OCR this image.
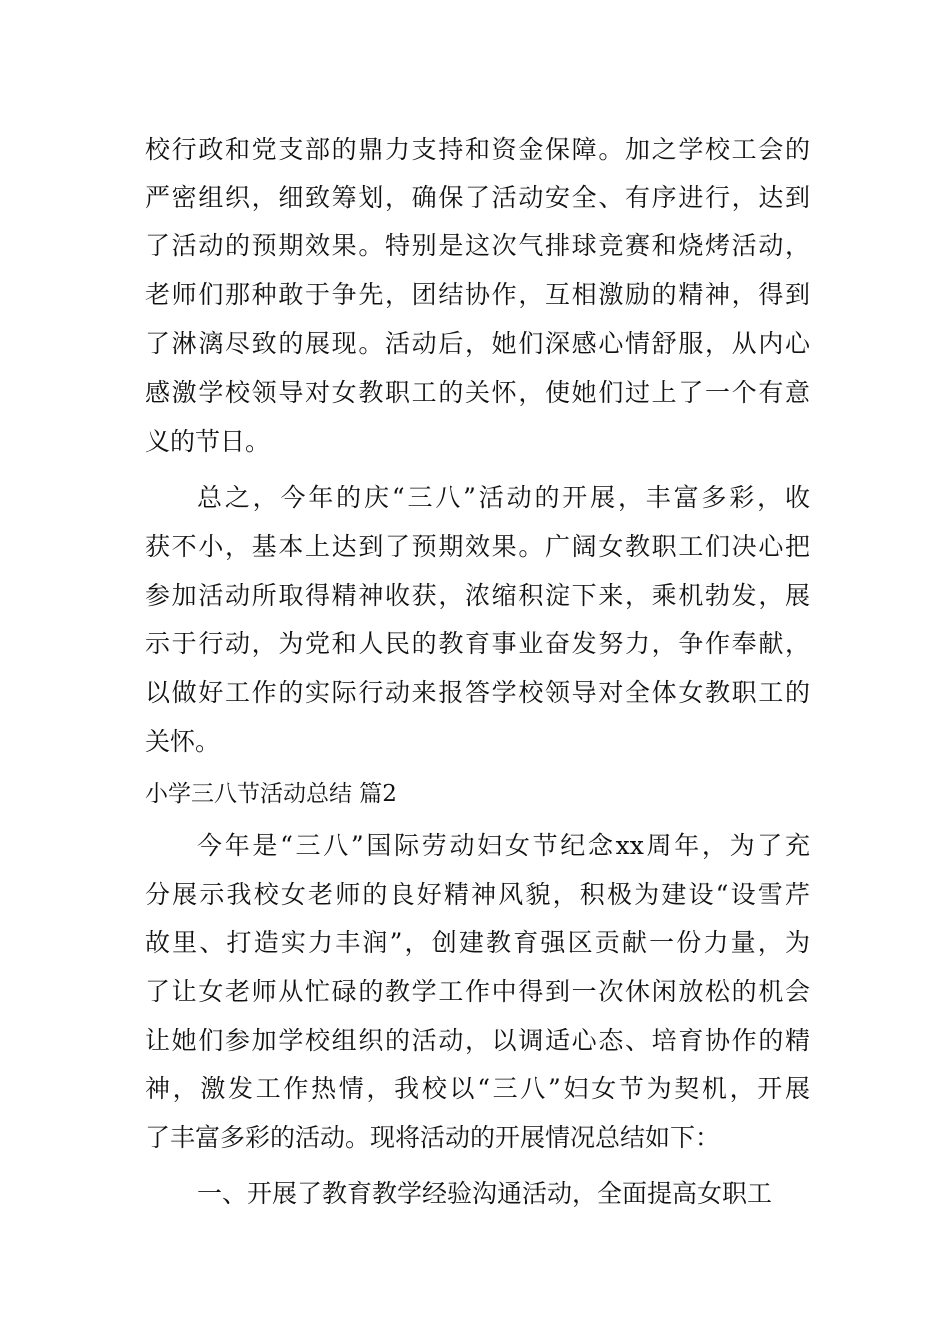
校行政和党支部的鼎力支持和资金保障。加之学校工会的
严密组织，细致筹划，确保了活动安全、有序进行，达到
了活动的预期效果。特别是这次气排球竞赛和烧烤活动，
老师们那种敢于争先，团结协作，互相激励的精神，得到
了淋漓尽致的展现。活动后，她们深感心情舒服，从内心
感激学校领导对女教职工的关怀，使她们过上了一个有意
义的节日。
总之，今年的庆“三八”活动的开展，丰富多彩，收
获不小，基本上达到了预期效果。广阔女教职工们决心把
参加活动所取得精神收获，浓缩积淀下来，乘机勃发，展
示于行动，为党和人民的教育事业奋发努力，争作奉献，
以做好工作的实际行动来报答学校领导对全体女教职工的
关怀。
小学三八节活动总结 篇2
今年是“三八”国际劳动妇女节纪念xx周年，为了充
分展示我校女老师的良好精神风貌，积极为建设“设雪芹
故里、打造实力丰润”，创建教育强区贡献一份力量，为
了让女老师从忙碌的教学工作中得到一次休闲放松的机会
让她们参加学校组织的活动，以调适心态、培育协作的精
神，激发工作热情，我校以“三八”妇女节为契机，开展
了丰富多彩的活动。现将活动的开展情况总结如下：
一、开展了教育教学经验沟通活动，全面提高女职工
